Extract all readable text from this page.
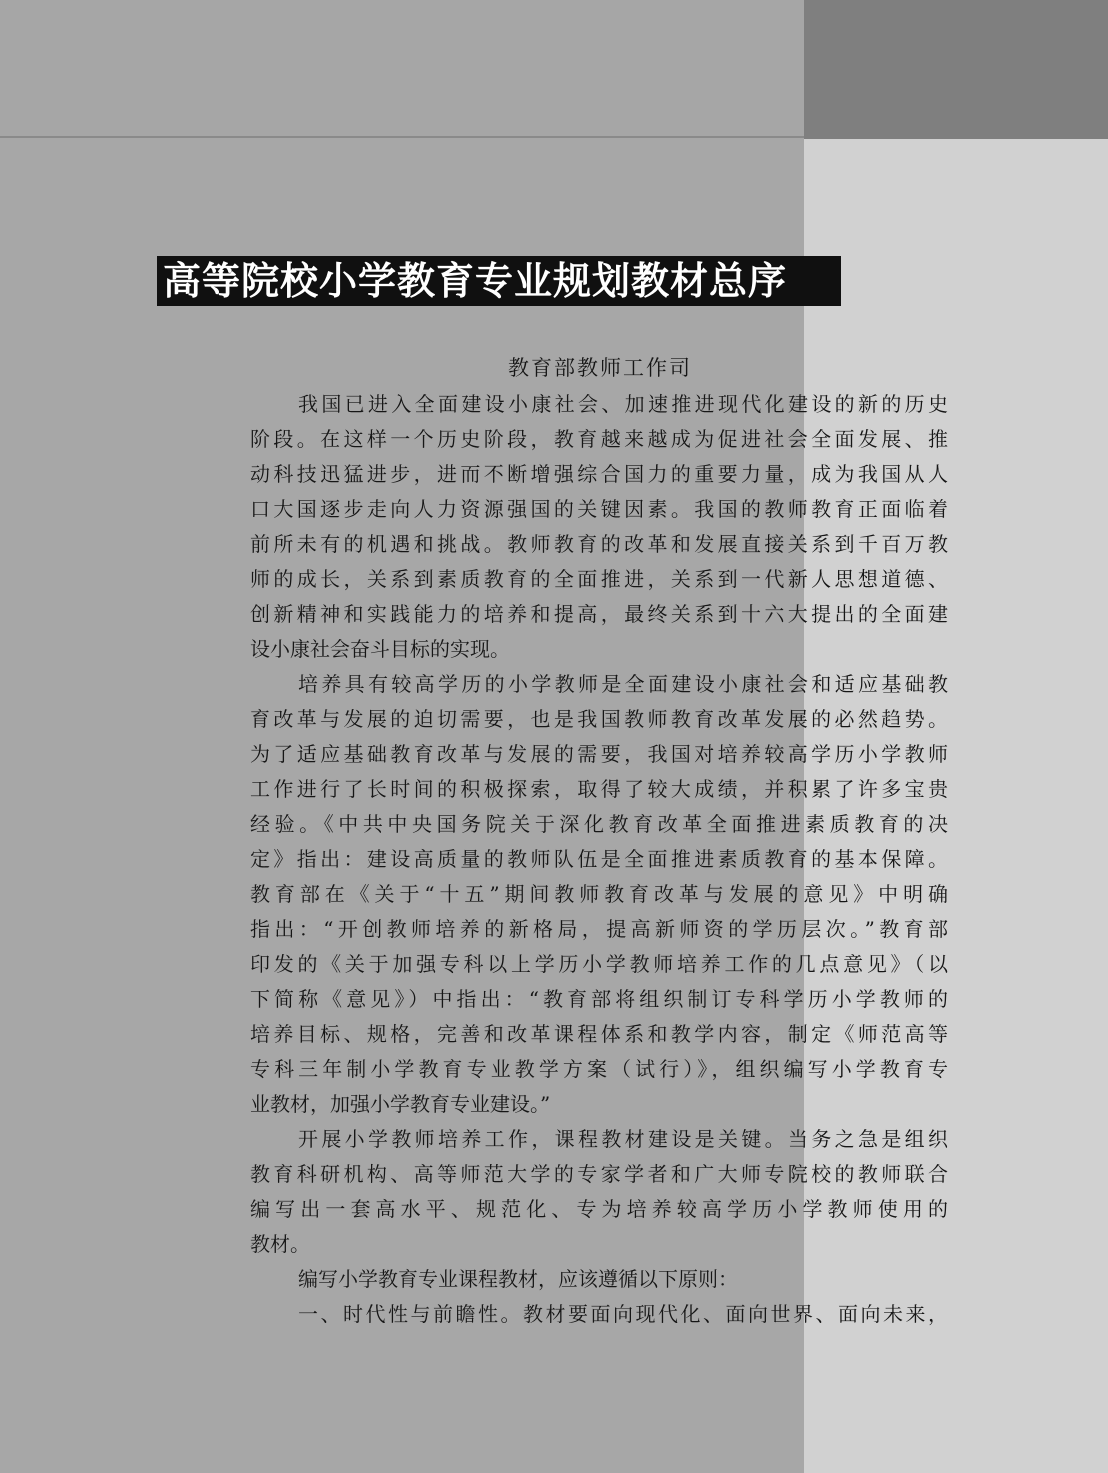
高等院校小学教育专业规划教材总序
教育部教师工作司
我国已进入全面建设小康社会、加速推进现代化建设的新的历史
阶段。在这样一个历史阶段，教育越来越成为促进社会全面发展、推
动科技迅猛进步，进而不断增强综合国力的重要力量，成为我国从人
口大国逐步走向人力资源强国的关键因素。我国的教师教育正面临着
前所未有的机遇和挑战。教师教育的改革和发展直接关系到千百万教
师的成长，关系到素质教育的全面推进，关系到一代新人思想道德、
创新精神和实践能力的培养和提高，最终关系到十六大提出的全面建
设小康社会奋斗目标的实现。
培养具有较高学历的小学教师是全面建设小康社会和适应基础教
育改革与发展的迫切需要，也是我国教师教育改革发展的必然趋势。
为了适应基础教育改革与发展的需要，我国对培养较高学历小学教师
工作进行了长时间的积极探索，取得了较大成绩，并积累了许多宝贵
经验。《中共中央国务院关于深化教育改革全面推进素质教育的决
定》指出：建设高质量的教师队伍是全面推进素质教育的基本保障。
教育部在《关于“十五”期间教师教育改革与发展的意见》中明确
指出：“开创教师培养的新格局，提高新师资的学历层次。”教育部
印发的《关于加强专科以上学历小学教师培养工作的几点意见》（以
下简称《意见》）中指出：“教育部将组织制订专科学历小学教师的
培养目标、规格，完善和改革课程体系和教学内容，制定《师范高等
专科三年制小学教育专业教学方案（试行）》，组织编写小学教育专
业教材，加强小学教育专业建设。”
开展小学教师培养工作，课程教材建设是关键。当务之急是组织
教育科研机构、高等师范大学的专家学者和广大师专院校的教师联合
编写出一套高水平、规范化、专为培养较高学历小学教师使用的
教材。
编写小学教育专业课程教材，应该遵循以下原则：
一、时代性与前瞻性。教材要面向现代化、面向世界、面向未来，
